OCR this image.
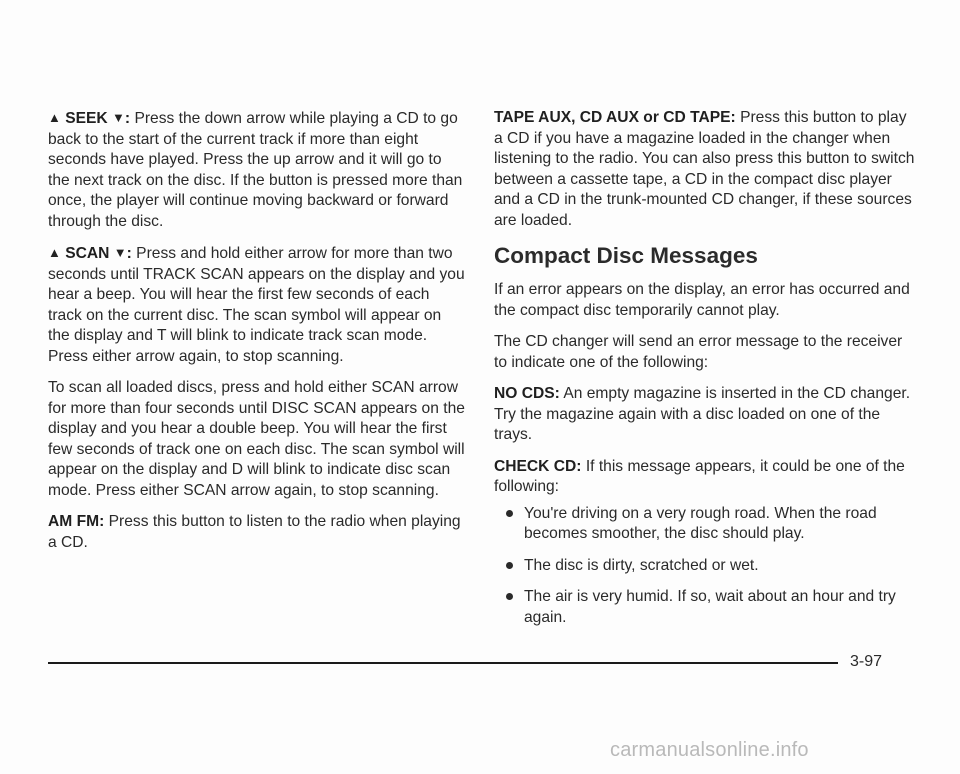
▲ SEEK ▼: Press the down arrow while playing a CD to go back to the start of the current track if more than eight seconds have played. Press the up arrow and it will go to the next track on the disc. If the button is pressed more than once, the player will continue moving backward or forward through the disc.

▲ SCAN ▼: Press and hold either arrow for more than two seconds until TRACK SCAN appears on the display and you hear a beep. You will hear the first few seconds of each track on the current disc. The scan symbol will appear on the display and T will blink to indicate track scan mode. Press either arrow again, to stop scanning.

To scan all loaded discs, press and hold either SCAN arrow for more than four seconds until DISC SCAN appears on the display and you hear a double beep. You will hear the first few seconds of track one on each disc. The scan symbol will appear on the display and D will blink to indicate disc scan mode. Press either SCAN arrow again, to stop scanning.

AM FM: Press this button to listen to the radio when playing a CD.

TAPE AUX, CD AUX or CD TAPE: Press this button to play a CD if you have a magazine loaded in the changer when listening to the radio. You can also press this button to switch between a cassette tape, a CD in the compact disc player and a CD in the trunk-mounted CD changer, if these sources are loaded.

Compact Disc Messages

If an error appears on the display, an error has occurred and the compact disc temporarily cannot play.

The CD changer will send an error message to the receiver to indicate one of the following:

NO CDS: An empty magazine is inserted in the CD changer. Try the magazine again with a disc loaded on one of the trays.

CHECK CD: If this message appears, it could be one of the following:

You're driving on a very rough road. When the road becomes smoother, the disc should play.
The disc is dirty, scratched or wet.
The air is very humid. If so, wait about an hour and try again.
3-97
carmanualsonline.info
